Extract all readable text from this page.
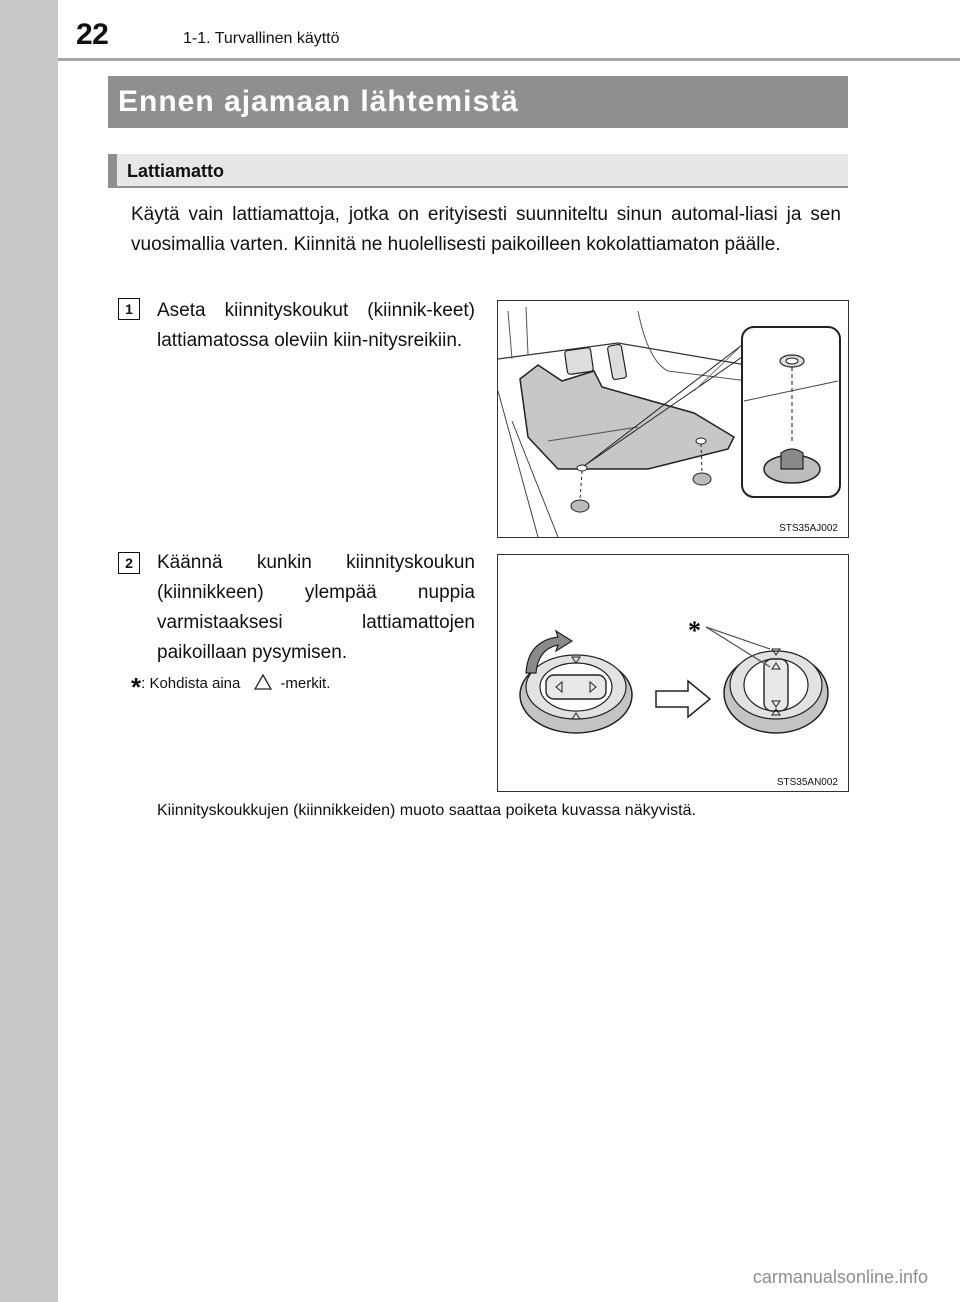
22	1-1. Turvallinen käyttö
Ennen ajamaan lähtemistä
Lattiamatto

Käytä vain lattiamattoja, jotka on erityisesti suunniteltu sinun automal-liasi ja sen vuosimallia varten. Kiinnitä ne huolellisesti paikoilleen kokolattiamaton päälle.

1	Aseta kiinnityskoukut (kiinnik-keet) lattiamatossa oleviin kiin-nitysreikiin.

STS35AJ002
2	Käännä kunkin kiinnityskoukun (kiinnikkeen) ylempää nuppia varmistaaksesi lattiamattojen paikoillaan pysymisen.

*
STS35AN002

*: Kohdista aina	-merkit.

Kiinnityskoukkujen (kiinnikkeiden) muoto saattaa poiketa kuvassa näkyvistä.

carmanualsonline.info
